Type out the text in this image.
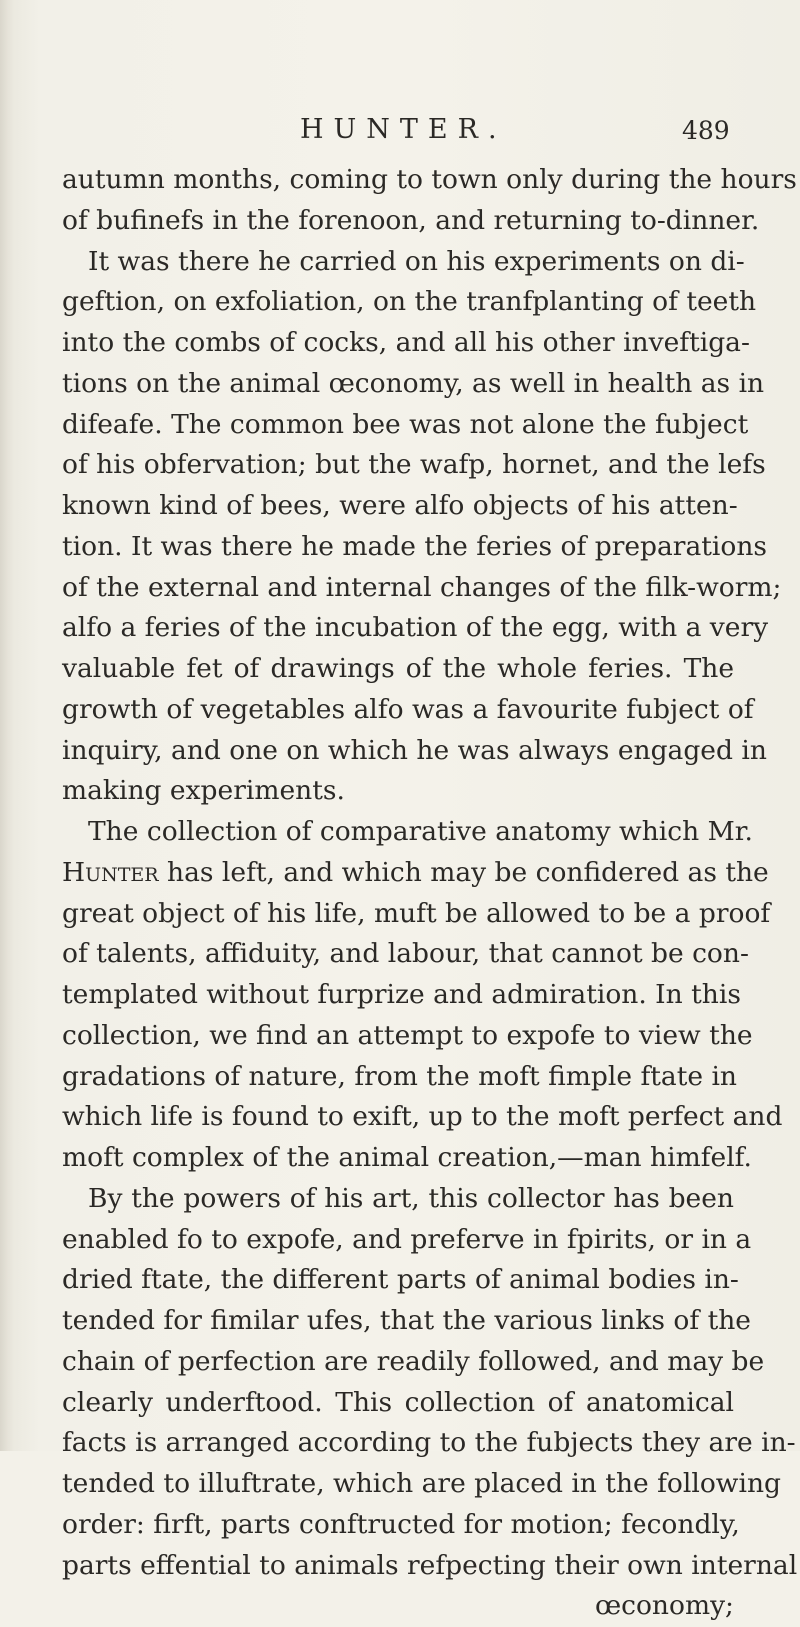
HUNTER.	489
autumn months, coming to town only during the hours
of bufinefs in the forenoon, and returning to-dinner.
It was there he carried on his experiments on di-
geftion, on exfoliation, on the tranfplanting of teeth
into the combs of cocks, and all his other inveftiga-
tions on the animal œconomy, as well in health as in
difeafe. The common bee was not alone the fubject
of his obfervation; but the wafp, hornet, and the lefs
known kind of bees, were alfo objects of his atten-
tion. It was there he made the feries of preparations
of the external and internal changes of the filk-worm;
alfo a feries of the incubation of the egg, with a very
valuable fet of drawings of the whole feries. The
growth of vegetables alfo was a favourite fubject of
inquiry, and one on which he was always engaged in
making experiments.
The collection of comparative anatomy which Mr.
Hunter has left, and which may be confidered as the
great object of his life, muft be allowed to be a proof
of talents, affiduity, and labour, that cannot be con-
templated without furprize and admiration. In this
collection, we find an attempt to expofe to view the
gradations of nature, from the moft fimple ftate in
which life is found to exift, up to the moft perfect and
moft complex of the animal creation,—man himfelf.
By the powers of his art, this collector has been
enabled fo to expofe, and preferve in fpirits, or in a
dried ftate, the different parts of animal bodies in-
tended for fimilar ufes, that the various links of the
chain of perfection are readily followed, and may be
clearly underftood. This collection of anatomical
facts is arranged according to the fubjects they are in-
tended to illuftrate, which are placed in the following
order: firft, parts conftructed for motion; fecondly,
parts effential to animals refpecting their own internal
œconomy;
